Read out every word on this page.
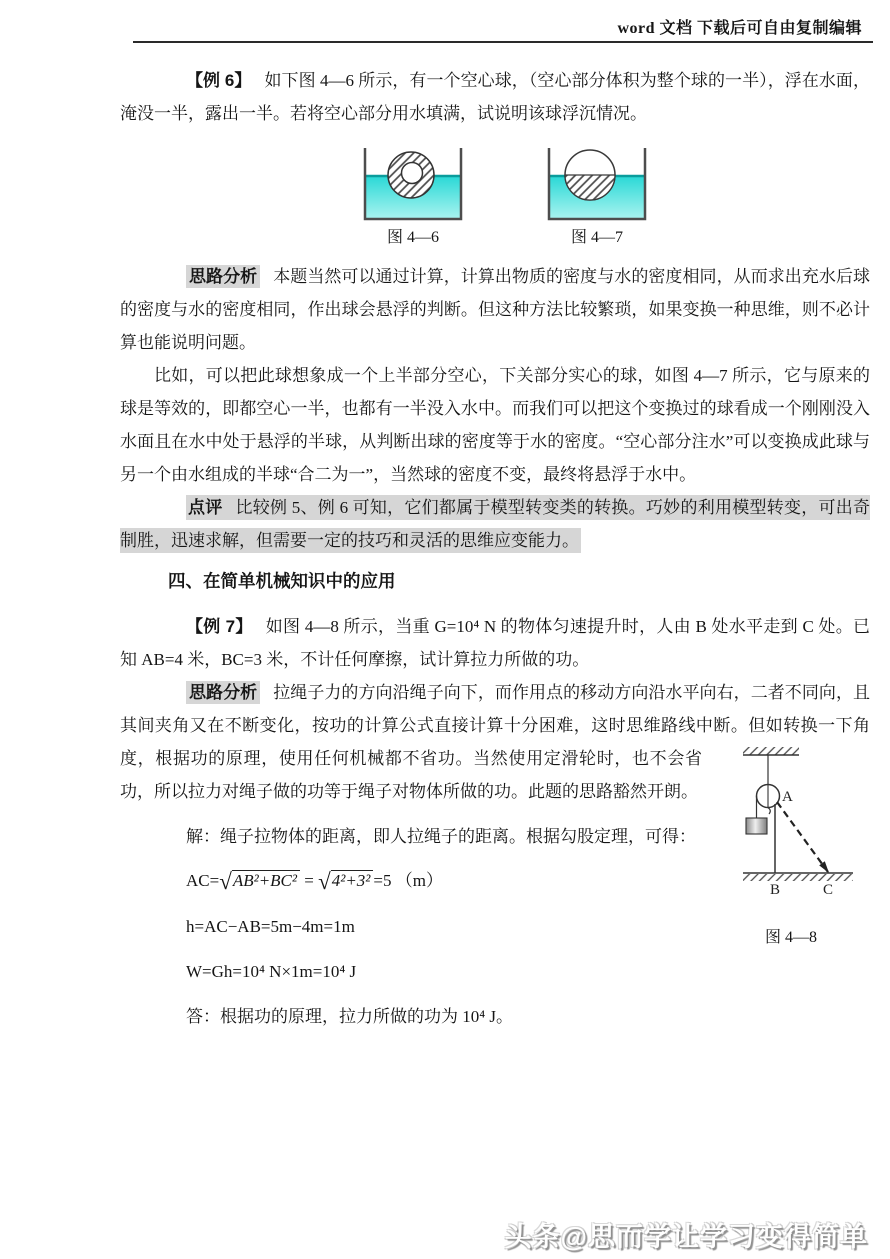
word 文档 下载后可自由复制编辑

【例 6】 如下图 4—6 所示，有一个空心球，（空心部分体积为整个球的一半），浮在水面，淹没一半，露出一半。若将空心部分用水填满，试说明该球浮沉情况。

图 4—6	图 4—7

思路分析 本题当然可以通过计算，计算出物质的密度与水的密度相同，从而求出充水后球的密度与水的密度相同，作出球会悬浮的判断。但这种方法比较繁琐，如果变换一种思维，则不必计算也能说明问题。

比如，可以把此球想象成一个上半部分空心，下关部分实心的球，如图 4—7 所示，它与原来的球是等效的，即都空心一半，也都有一半没入水中。而我们可以把这个变换过的球看成一个刚刚没入水面且在水中处于悬浮的半球，从判断出球的密度等于水的密度。“空心部分注水”可以变换成此球与另一个由水组成的半球“合二为一”，当然球的密度不变，最终将悬浮于水中。

点评 比较例 5、例 6 可知，它们都属于模型转变类的转换。巧妙的利用模型转变，可出奇制胜，迅速求解，但需要一定的技巧和灵活的思维应变能力。

四、在简单机械知识中的应用

【例 7】 如图 4—8 所示，当重 G=10⁴ N 的物体匀速提升时，人由 B 处水平走到 C 处。已知 AB=4 米，BC=3 米，不计任何摩擦，试计算拉力所做的功。

思路分析 拉绳子力的方向沿绳子向下，而作用点的移动方向沿水平向右，二者不同向，且其间夹角又在不断变化，按功的计算公式直接计算十分困难，这时思维路线中断。但如转
A
B	C
图 4—8
换一下角度，根据功的原理，使用任何机械都不省功。当然使用定滑轮时，也不会省功，所以拉力对绳子做的功等于绳子对物体所做的功。此题的思路豁然开朗。

解：绳子拉物体的距离，即人拉绳子的距离。根据勾股定理，可得：

AC=√AB²+BC² = √4²+3² =5 （m）

h=AC−AB=5m−4m=1m

W=Gh=10⁴ N×1m=10⁴ J

答：根据功的原理，拉力所做的功为 10⁴ J。

头条@思而学让学习变得简单
